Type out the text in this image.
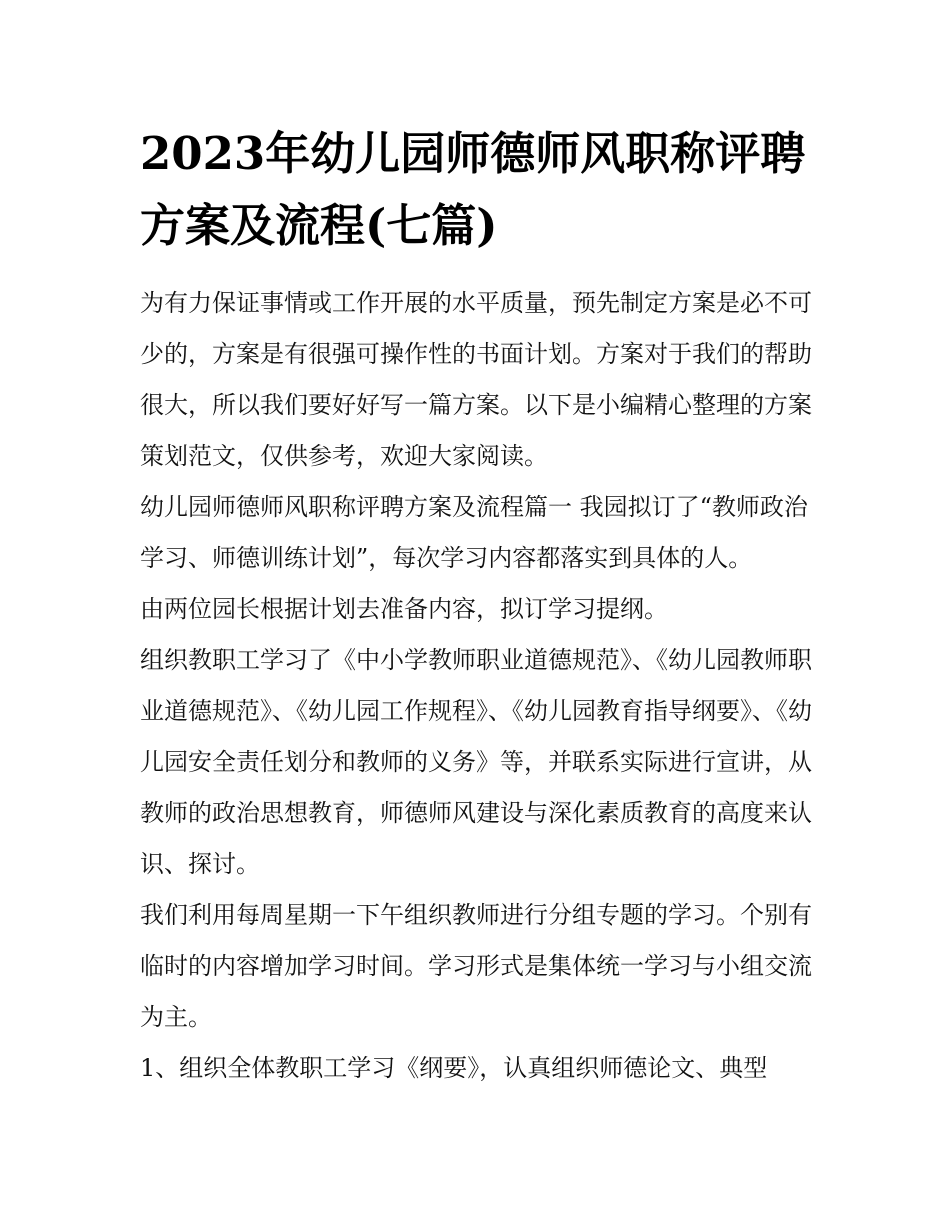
2023年幼儿园师德师风职称评聘方案及流程(七篇)

为有力保证事情或工作开展的水平质量，预先制定方案是必不可少的，方案是有很强可操作性的书面计划。方案对于我们的帮助很大，所以我们要好好写一篇方案。以下是小编精心整理的方案策划范文，仅供参考，欢迎大家阅读。

幼儿园师德师风职称评聘方案及流程篇一 我园拟订了“教师政治学习、师德训练计划”，每次学习内容都落实到具体的人。

由两位园长根据计划去准备内容，拟订学习提纲。

组织教职工学习了《中小学教师职业道德规范》、《幼儿园教师职业道德规范》、《幼儿园工作规程》、《幼儿园教育指导纲要》、《幼儿园安全责任划分和教师的义务》等，并联系实际进行宣讲，从教师的政治思想教育，师德师风建设与深化素质教育的高度来认识、探讨。

我们利用每周星期一下午组织教师进行分组专题的学习。个别有临时的内容增加学习时间。学习形式是集体统一学习与小组交流为主。

1、组织全体教职工学习《纲要》，认真组织师德论文、典型
